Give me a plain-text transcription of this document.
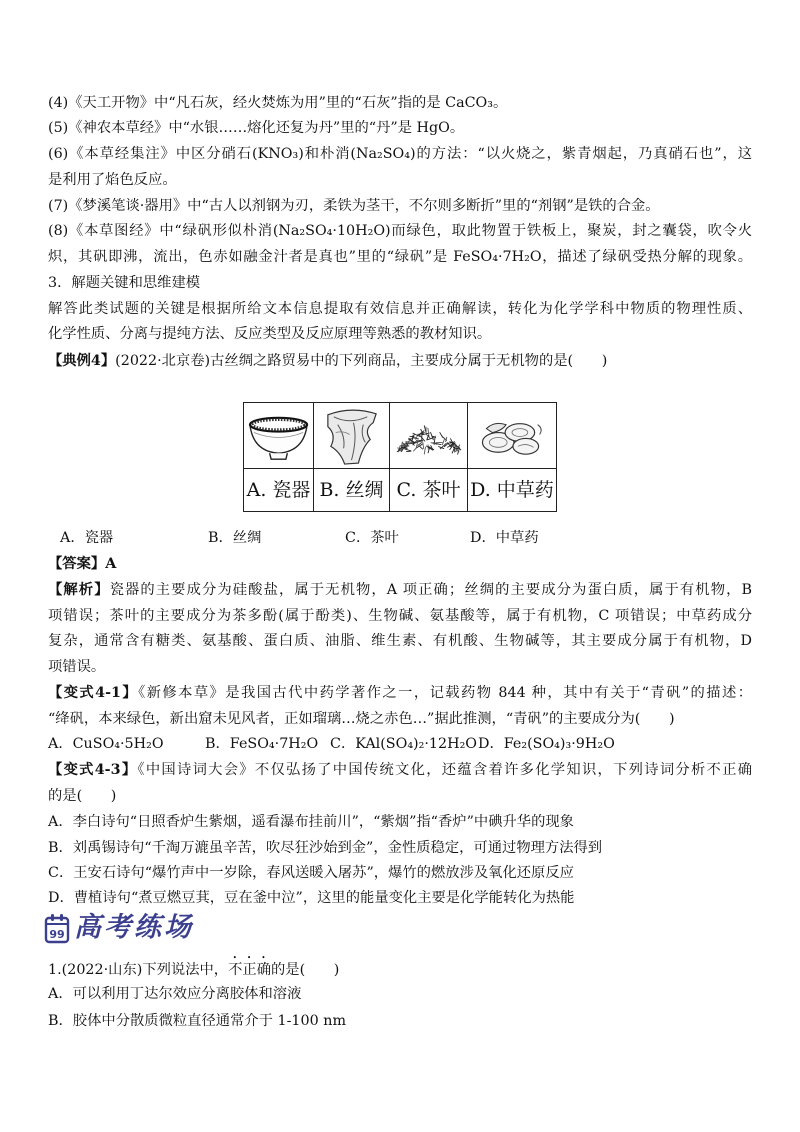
(4)《天工开物》中“凡石灰，经火焚炼为用”里的“石灰”指的是 CaCO₃。
(5)《神农本草经》中“水银……熔化还复为丹”里的“丹”是 HgO。
(6)《本草经集注》中区分硝石(KNO₃)和朴消(Na₂SO₄)的方法：“以火烧之，紫青烟起，乃真硝石也”，这
是利用了焰色反应。
(7)《梦溪笔谈·器用》中“古人以剂钢为刃，柔铁为茎干，不尔则多断折”里的“剂钢”是铁的合金。
(8)《本草图经》中“绿矾形似朴消(Na₂SO₄·10H₂O)而绿色，取此物置于铁板上，聚炭，封之囊袋，吹令火
炽，其矾即沸，流出，色赤如融金汁者是真也”里的“绿矾”是 FeSO₄·7H₂O，描述了绿矾受热分解的现象。
3．解题关键和思维建模
解答此类试题的关键是根据所给文本信息提取有效信息并正确解读，转化为化学学科中物质的物理性质、
化学性质、分离与提纯方法、反应类型及反应原理等熟悉的教材知识。
【典例4】(2022·北京卷)古丝绸之路贸易中的下列商品，主要成分属于无机物的是(　　)
A. 瓷器 B. 丝绸 C. 茶叶 D. 中草药
A．瓷器	B．丝绸	C．茶叶	D．中草药
【答案】A
【解析】瓷器的主要成分为硅酸盐，属于无机物，A 项正确；丝绸的主要成分为蛋白质，属于有机物，B
项错误；茶叶的主要成分为茶多酚(属于酚类)、生物碱、氨基酸等，属于有机物，C 项错误；中草药成分
复杂，通常含有糖类、氨基酸、蛋白质、油脂、维生素、有机酸、生物碱等，其主要成分属于有机物，D
项错误。
【变式4-1】《新修本草》是我国古代中药学著作之一，记载药物 844 种，其中有关于“青矾”的描述：
“绛矾，本来绿色，新出窟未见风者，正如瑠璃…烧之赤色…”据此推测，“青矾”的主要成分为(　　)
A．CuSO₄·5H₂O	B．FeSO₄·7H₂O C．KAl(SO₄)₂·12H₂O D．Fe₂(SO₄)₃·9H₂O
【变式4-3】《中国诗词大会》不仅弘扬了中国传统文化，还蕴含着许多化学知识，下列诗词分析不正确
的是(　　)
A．李白诗句“日照香炉生紫烟，遥看瀑布挂前川”，“紫烟”指“香炉”中碘升华的现象
B．刘禹锡诗句“千淘万漉虽辛苦，吹尽狂沙始到金”，金性质稳定，可通过物理方法得到
C．王安石诗句“爆竹声中一岁除，春风送暖入屠苏”，爆竹的燃放涉及氧化还原反应
D．曹植诗句“煮豆燃豆萁，豆在釜中泣”，这里的能量变化主要是化学能转化为热能
99 高考练场
1.(2022·山东)下列说法中，不正确的是(　　)
A．可以利用丁达尔效应分离胶体和溶液
B．胶体中分散质微粒直径通常介于 1-100 nm
